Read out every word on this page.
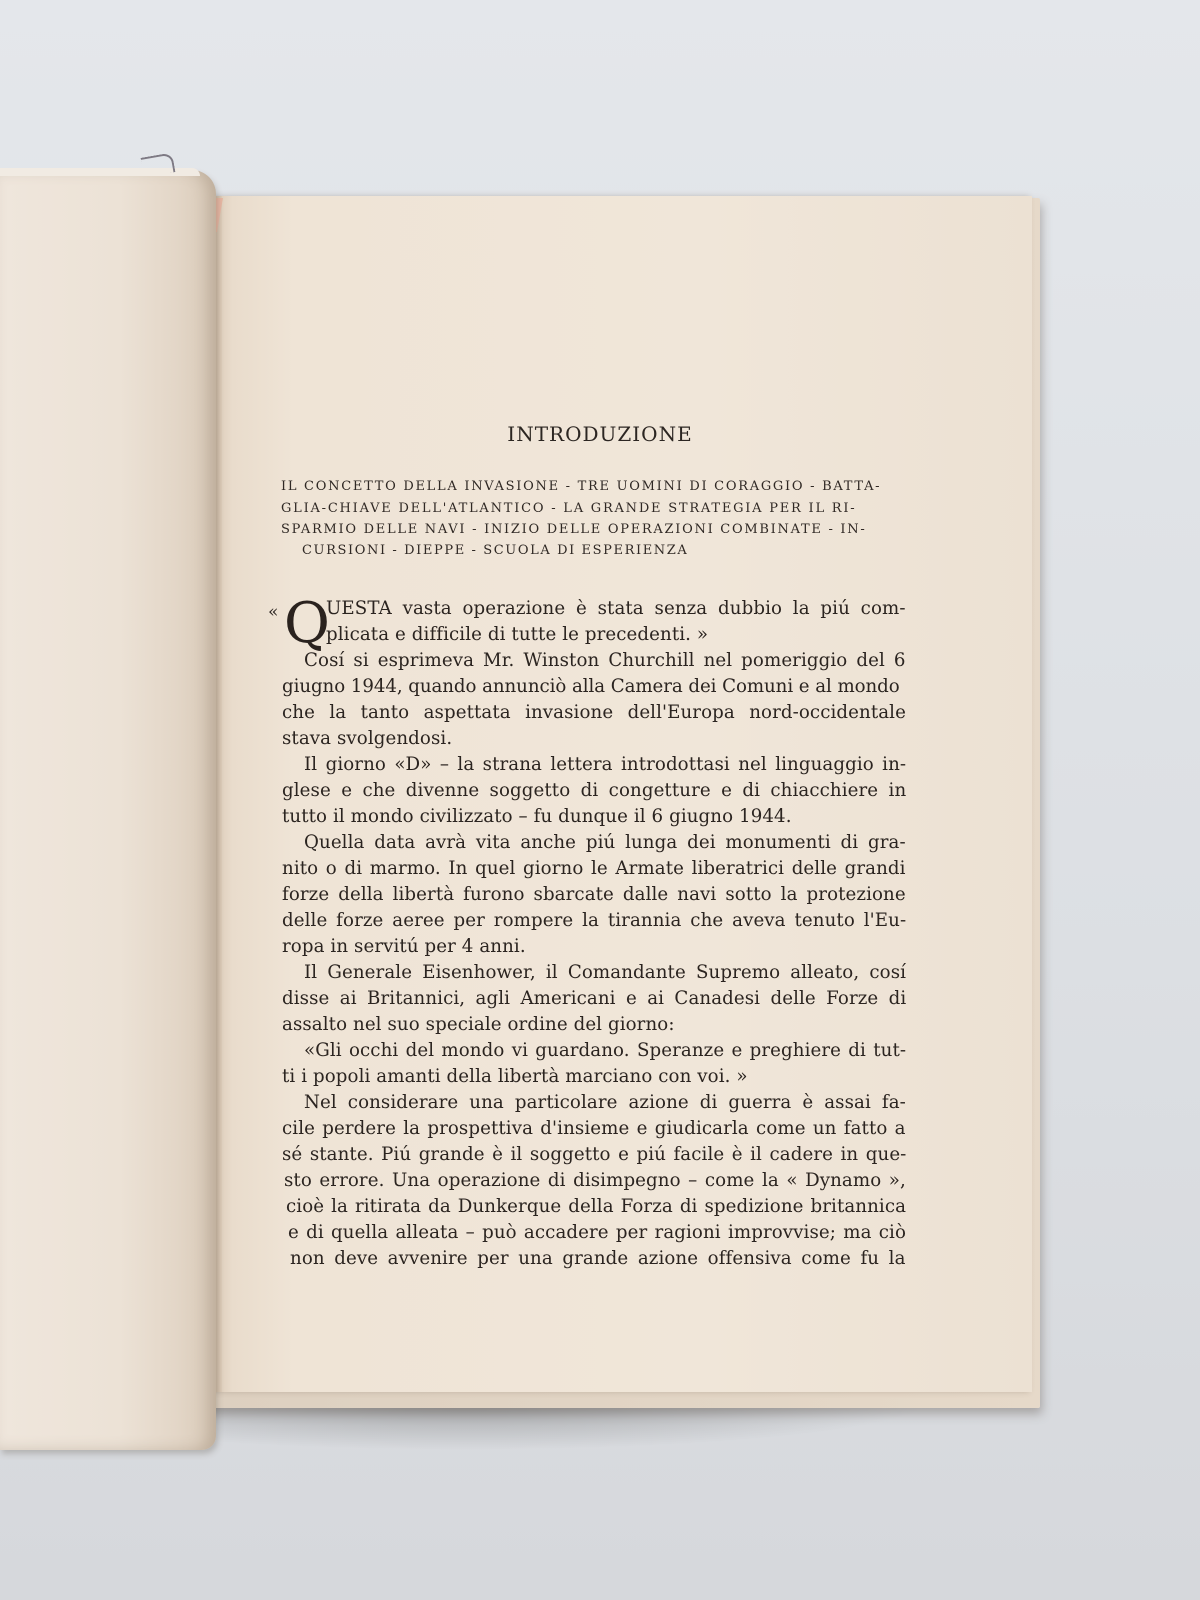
INTRODUZIONE
IL CONCETTO DELLA INVASIONE - TRE UOMINI DI CORAGGIO - BATTA-
GLIA-CHIAVE DELL'ATLANTICO - LA GRANDE STRATEGIA PER IL RI-
SPARMIO DELLE NAVI - INIZIO DELLE OPERAZIONI COMBINATE - IN-
CURSIONI - DIEPPE - SCUOLA DI ESPERIENZA
« Q
UESTA vasta operazione è stata senza dubbio la piú com-
plicata e difficile di tutte le precedenti. »
Cosí si esprimeva Mr. Winston Churchill nel pomeriggio del 6
giugno 1944, quando annunciò alla Camera dei Comuni e al mondo
che la tanto aspettata invasione dell'Europa nord-occidentale
stava svolgendosi.
Il giorno «D» – la strana lettera introdottasi nel linguaggio in-
glese e che divenne soggetto di congetture e di chiacchiere in
tutto il mondo civilizzato – fu dunque il 6 giugno 1944.
Quella data avrà vita anche piú lunga dei monumenti di gra-
nito o di marmo. In quel giorno le Armate liberatrici delle grandi
forze della libertà furono sbarcate dalle navi sotto la protezione
delle forze aeree per rompere la tirannia che aveva tenuto l'Eu-
ropa in servitú per 4 anni.
Il Generale Eisenhower, il Comandante Supremo alleato, cosí
disse ai Britannici, agli Americani e ai Canadesi delle Forze di
assalto nel suo speciale ordine del giorno:
«Gli occhi del mondo vi guardano. Speranze e preghiere di tut-
ti i popoli amanti della libertà marciano con voi. »
Nel considerare una particolare azione di guerra è assai fa-
cile perdere la prospettiva d'insieme e giudicarla come un fatto a
sé stante. Piú grande è il soggetto e piú facile è il cadere in que-
sto errore. Una operazione di disimpegno – come la « Dynamo »,
cioè la ritirata da Dunkerque della Forza di spedizione britannica
e di quella alleata – può accadere per ragioni improvvise; ma ciò
non deve avvenire per una grande azione offensiva come fu la
